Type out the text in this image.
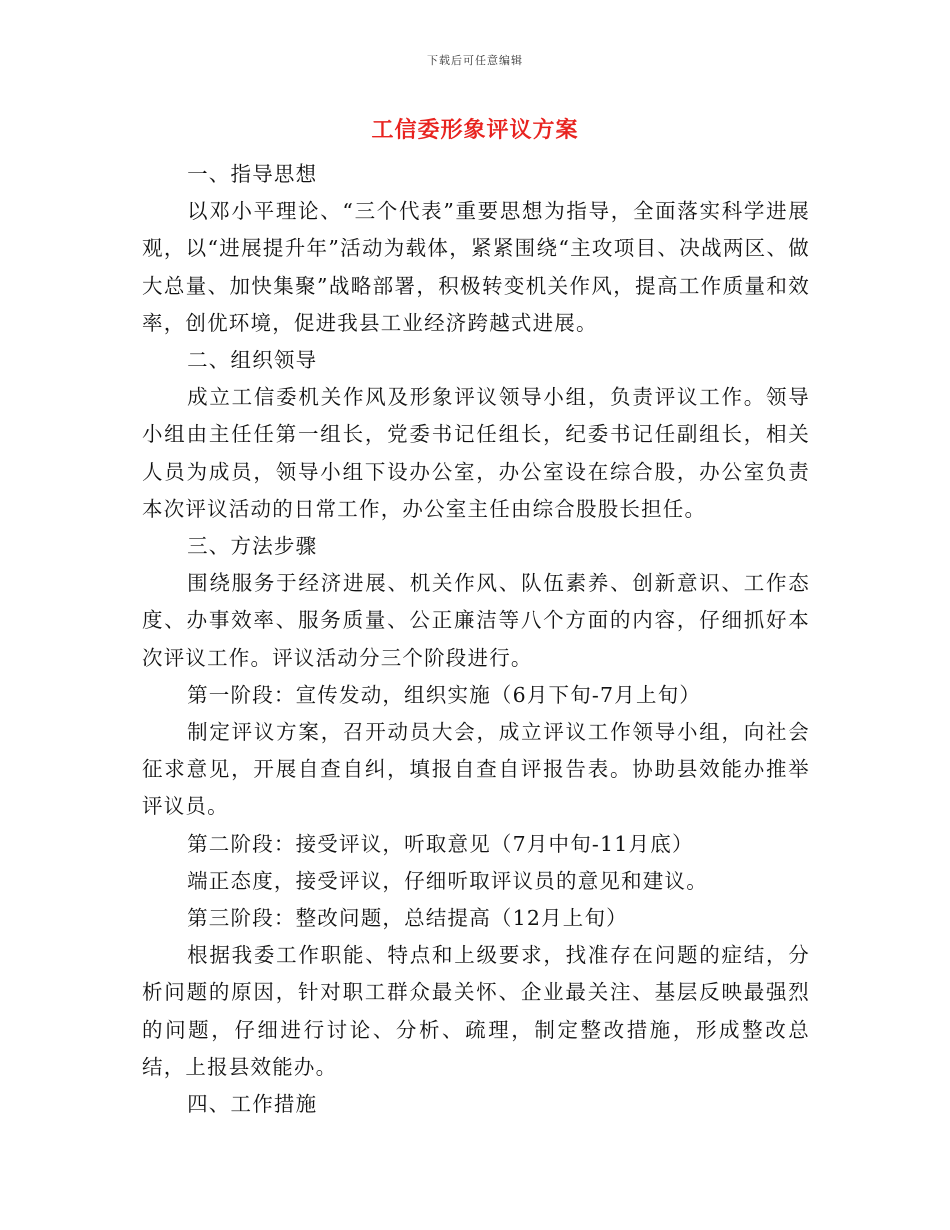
下载后可任意编辑
工信委形象评议方案

一、指导思想

以邓小平理论、“三个代表”重要思想为指导，全面落实科学进展观，以“进展提升年”活动为载体，紧紧围绕“主攻项目、决战两区、做大总量、加快集聚”战略部署，积极转变机关作风，提高工作质量和效率，创优环境，促进我县工业经济跨越式进展。

二、组织领导

成立工信委机关作风及形象评议领导小组，负责评议工作。领导小组由主任任第一组长，党委书记任组长，纪委书记任副组长，相关人员为成员，领导小组下设办公室，办公室设在综合股，办公室负责本次评议活动的日常工作，办公室主任由综合股股长担任。

三、方法步骤

围绕服务于经济进展、机关作风、队伍素养、创新意识、工作态度、办事效率、服务质量、公正廉洁等八个方面的内容，仔细抓好本次评议工作。评议活动分三个阶段进行。

第一阶段：宣传发动，组织实施（6月下旬-7月上旬）

制定评议方案，召开动员大会，成立评议工作领导小组，向社会征求意见，开展自查自纠，填报自查自评报告表。协助县效能办推举评议员。

第二阶段：接受评议，听取意见（7月中旬-11月底）

端正态度，接受评议，仔细听取评议员的意见和建议。

第三阶段：整改问题，总结提高（12月上旬）

根据我委工作职能、特点和上级要求，找准存在问题的症结，分析问题的原因，针对职工群众最关怀、企业最关注、基层反映最强烈的问题，仔细进行讨论、分析、疏理，制定整改措施，形成整改总结，上报县效能办。

四、工作措施
